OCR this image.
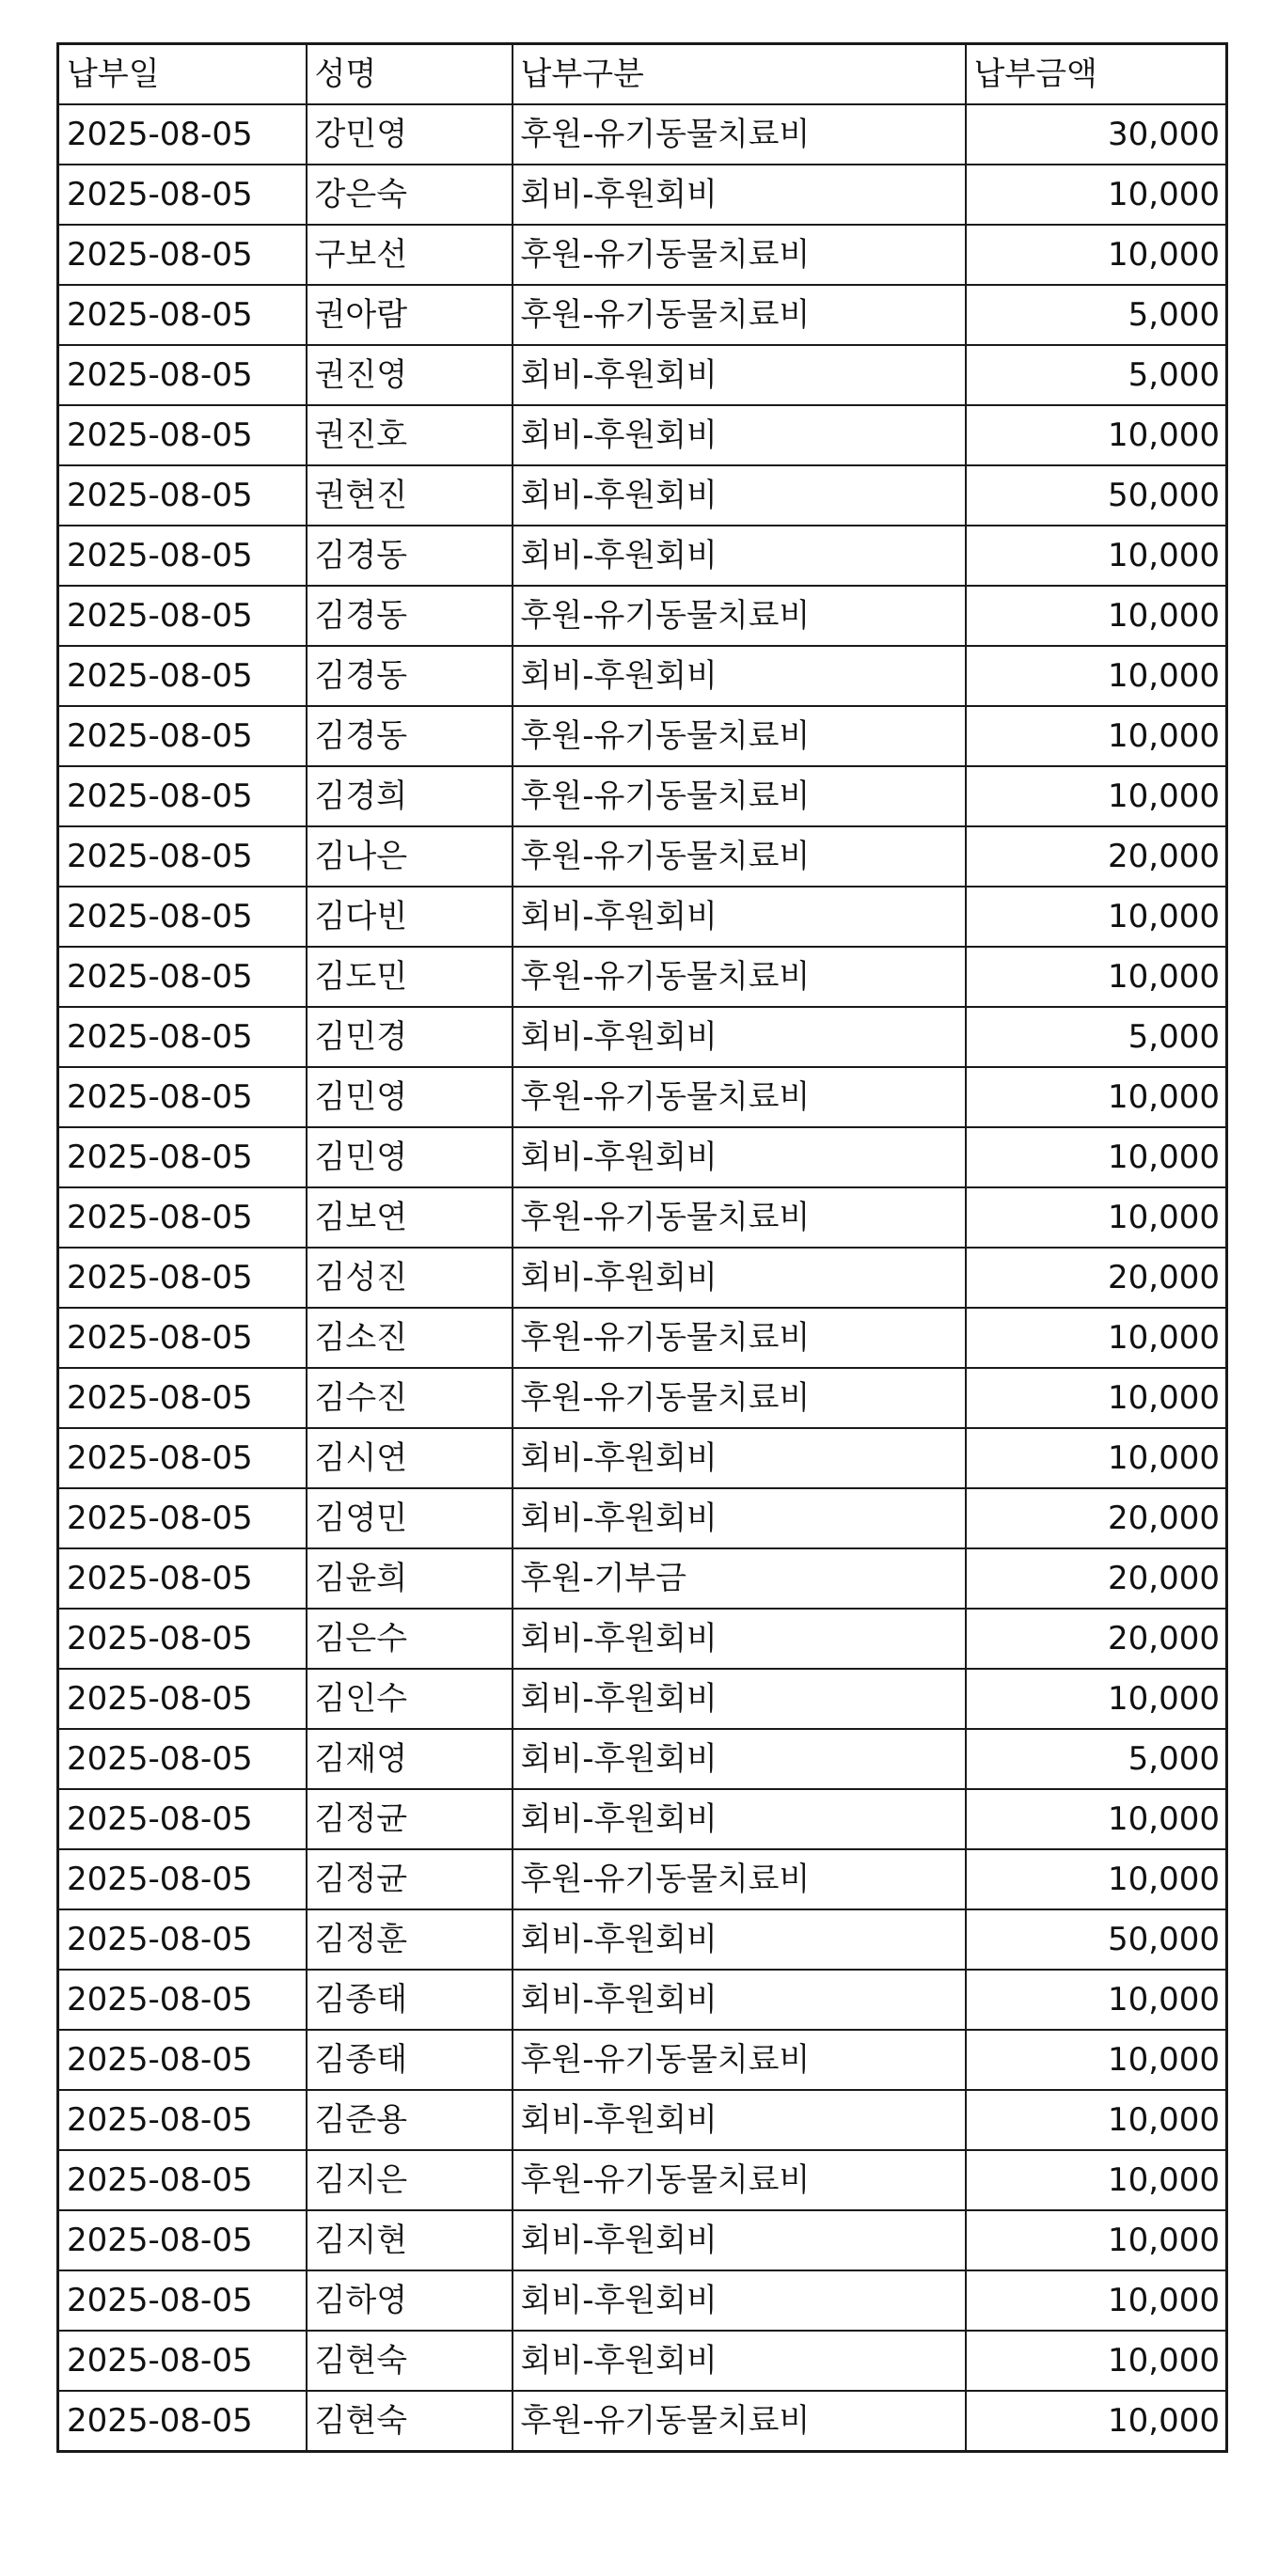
납부일	성명	납부구분	납부금액
2025-08-05	강민영	후원-유기동물치료비	30,000
2025-08-05	강은숙	회비-후원회비	10,000
2025-08-05	구보선	후원-유기동물치료비	10,000
2025-08-05	권아람	후원-유기동물치료비	5,000
2025-08-05	권진영	회비-후원회비	5,000
2025-08-05	권진호	회비-후원회비	10,000
2025-08-05	권현진	회비-후원회비	50,000
2025-08-05	김경동	회비-후원회비	10,000
2025-08-05	김경동	후원-유기동물치료비	10,000
2025-08-05	김경동	회비-후원회비	10,000
2025-08-05	김경동	후원-유기동물치료비	10,000
2025-08-05	김경희	후원-유기동물치료비	10,000
2025-08-05	김나은	후원-유기동물치료비	20,000
2025-08-05	김다빈	회비-후원회비	10,000
2025-08-05	김도민	후원-유기동물치료비	10,000
2025-08-05	김민경	회비-후원회비	5,000
2025-08-05	김민영	후원-유기동물치료비	10,000
2025-08-05	김민영	회비-후원회비	10,000
2025-08-05	김보연	후원-유기동물치료비	10,000
2025-08-05	김성진	회비-후원회비	20,000
2025-08-05	김소진	후원-유기동물치료비	10,000
2025-08-05	김수진	후원-유기동물치료비	10,000
2025-08-05	김시연	회비-후원회비	10,000
2025-08-05	김영민	회비-후원회비	20,000
2025-08-05	김윤희	후원-기부금	20,000
2025-08-05	김은수	회비-후원회비	20,000
2025-08-05	김인수	회비-후원회비	10,000
2025-08-05	김재영	회비-후원회비	5,000
2025-08-05	김정균	회비-후원회비	10,000
2025-08-05	김정균	후원-유기동물치료비	10,000
2025-08-05	김정훈	회비-후원회비	50,000
2025-08-05	김종태	회비-후원회비	10,000
2025-08-05	김종태	후원-유기동물치료비	10,000
2025-08-05	김준용	회비-후원회비	10,000
2025-08-05	김지은	후원-유기동물치료비	10,000
2025-08-05	김지현	회비-후원회비	10,000
2025-08-05	김하영	회비-후원회비	10,000
2025-08-05	김현숙	회비-후원회비	10,000
2025-08-05	김현숙	후원-유기동물치료비	10,000
